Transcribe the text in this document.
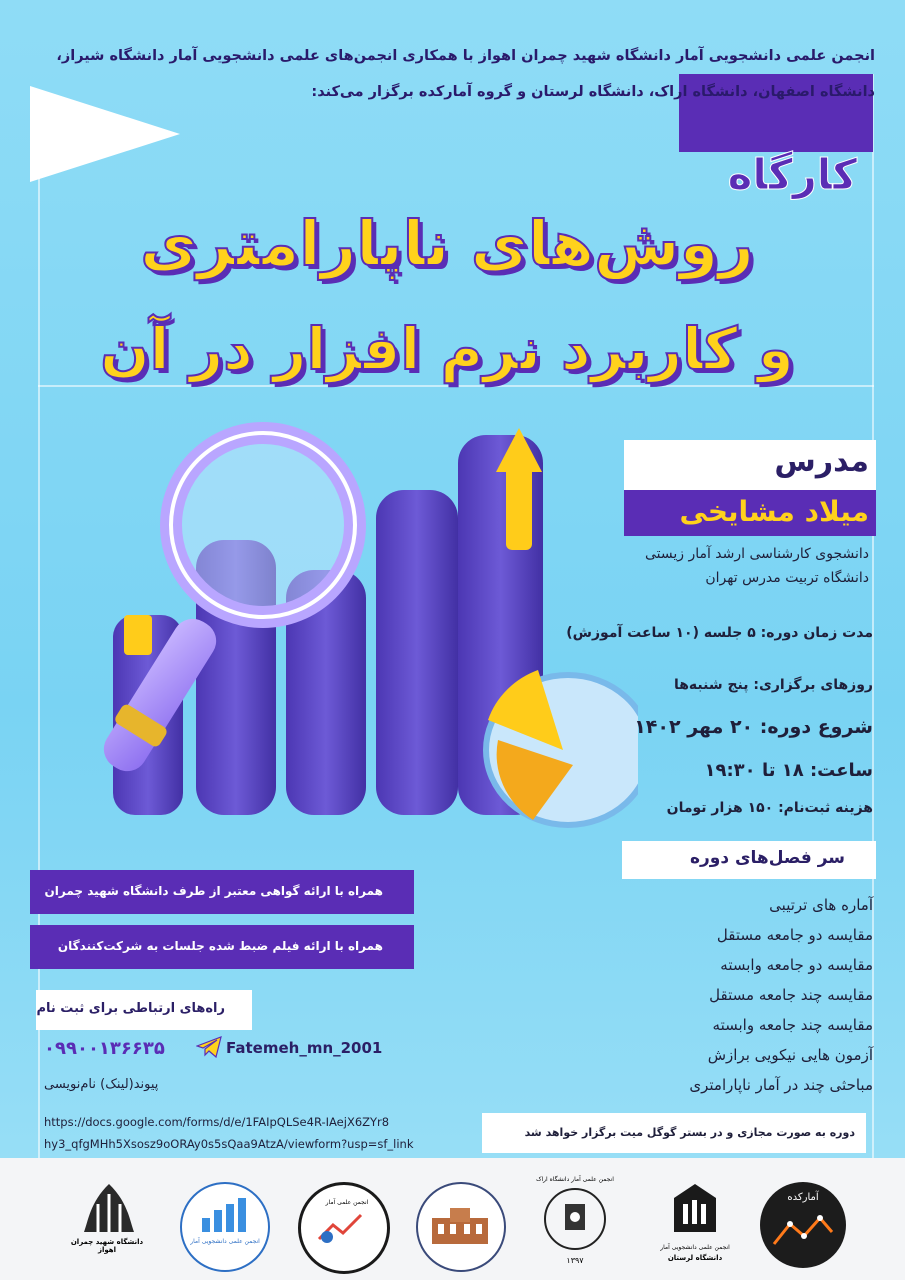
انجمن علمی دانشجویی آمار دانشگاه شهید چمران اهواز با همکاری انجمن‌های علمی دانشجویی آمار دانشگاه شیراز، دانشگاه اصفهان، دانشگاه اراک، دانشگاه لرستان و گروه آمارکده برگزار می‌کند:
کارگاه
روش‌های ناپارامتری
و کاربرد نرم افزار در آن
مدرس
میلاد مشایخی
دانشجوی کارشناسی ارشد آمار زیستی
دانشگاه تربیت مدرس تهران
مدت زمان دوره: ۵ جلسه (۱۰ ساعت آموزش)
روزهای برگزاری: پنج شنبه‌ها
شروع دوره: ۲۰ مهر ۱۴۰۲
ساعت: ۱۸ تا ۱۹:۳۰
هزینه ثبت‌نام: ۱۵۰ هزار تومان
سر فصل‌های دوره
آماره های ترتیبی
مقایسه دو جامعه مستقل
مقایسه دو جامعه وابسته
مقایسه چند جامعه مستقل
مقایسه چند جامعه وابسته
آزمون هایی نیکویی برازش
مباحثی چند در آمار ناپارامتری
همراه با ارائه گواهی معتبر از طرف دانشگاه شهید چمران
همراه با ارائه فیلم ضبط شده جلسات به شرکت‌کنندگان
راه‌های ارتباطی برای ثبت نام
۰۹۹۰۰۱۳۶۶۳۵	Fatemeh_mn_2001
پیوند(لینک) نام‌نویسی
https://docs.google.com/forms/d/e/1FAIpQLSe4R-IAejX6ZYr8
hy3_qfgMHh5Xsosz9oORAy0s5sQaa9AtzA/viewform?usp=sf_link
دوره به صورت مجازی و در بستر گوگل میت برگزار خواهد شد
آمارکده
انجمن علمی دانشجویی آمار
دانشگاه لرستان
انجمن علمی آمار دانشگاه اراک
۱۳۹۷
انجمن علمی آمار
انجمن علمی دانشجویی آمار
دانشگاه شهید چمران اهواز
